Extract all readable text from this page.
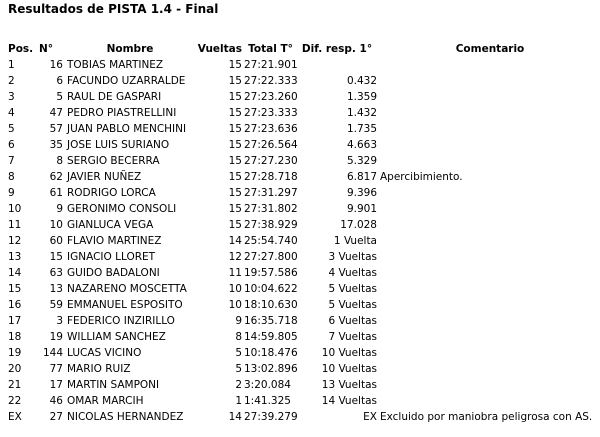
Resultados de PISTA 1.4 - Final
Pos.	N°	Nombre	Vueltas	Total T°	Dif. resp. 1°	Comentario
1	16	TOBIAS MARTINEZ	15	27:21.901		
2	6	FACUNDO UZARRALDE	15	27:22.333	0.432	
3	5	RAUL DE GASPARI	15	27:23.260	1.359	
4	47	PEDRO PIASTRELLINI	15	27:23.333	1.432	
5	57	JUAN PABLO MENCHINI	15	27:23.636	1.735	
6	35	JOSE LUIS SURIANO	15	27:26.564	4.663	
7	8	SERGIO BECERRA	15	27:27.230	5.329	
8	62	JAVIER NUÑEZ	15	27:28.718	6.817	Apercibimiento.
9	61	RODRIGO LORCA	15	27:31.297	9.396	
10	9	GERONIMO CONSOLI	15	27:31.802	9.901	
11	10	GIANLUCA VEGA	15	27:38.929	17.028	
12	60	FLAVIO MARTINEZ	14	25:54.740	1 Vuelta	
13	15	IGNACIO LLORET	12	27:27.800	3 Vueltas	
14	63	GUIDO BADALONI	11	19:57.586	4 Vueltas	
15	13	NAZARENO MOSCETTA	10	10:04.622	5 Vueltas	
16	59	EMMANUEL ESPOSITO	10	18:10.630	5 Vueltas	
17	3	FEDERICO INZIRILLO	9	16:35.718	6 Vueltas	
18	19	WILLIAM SANCHEZ	8	14:59.805	7 Vueltas	
19	144	LUCAS VICINO	5	10:18.476	10 Vueltas	
20	77	MARIO RUIZ	5	13:02.896	10 Vueltas	
21	17	MARTIN SAMPONI	2	3:20.084	13 Vueltas	
22	46	OMAR MARCIH	1	1:41.325	14 Vueltas	
EX	27	NICOLAS HERNANDEZ	14	27:39.279	EX	Excluido por maniobra peligrosa con AS.
